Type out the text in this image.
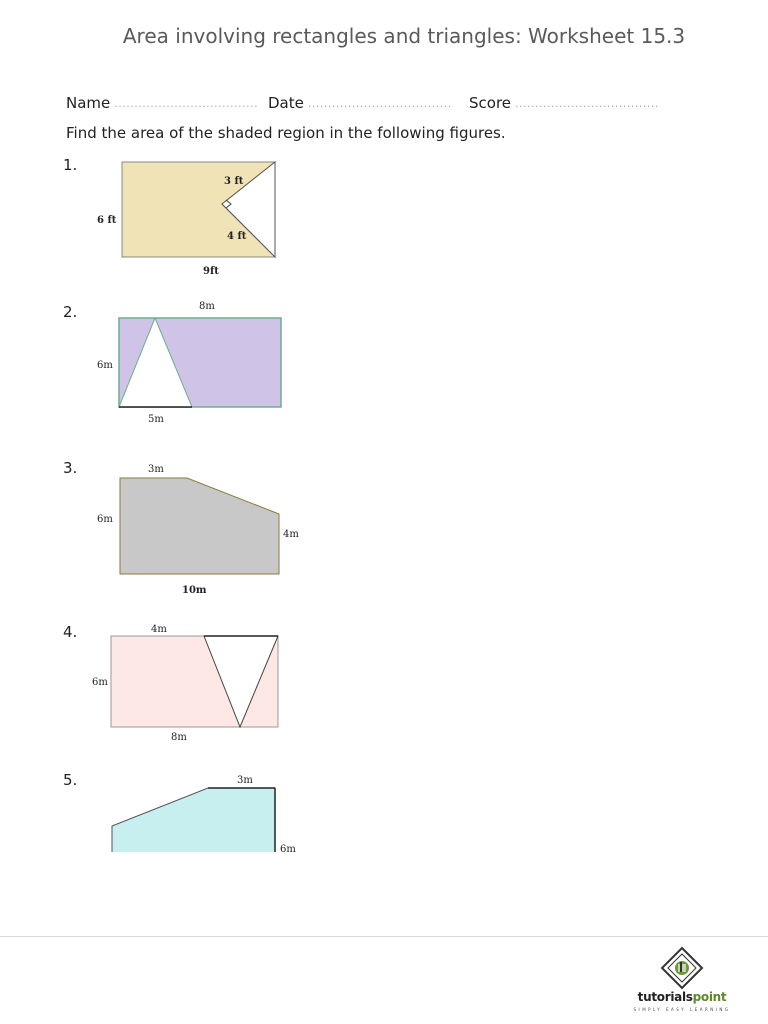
Area involving rectangles and triangles: Worksheet 15.3
Name .................................... Date .................................... Score ....................................
Find the area of the shaded region in the following figures.
1.
2.
3.
4.
5.
3 ft
4 ft
6 ft
9ft
8m
6m
5m
3m
6m
4m
10m
4m
6m
8m
3m
6m
tutorialspoint
SIMPLY EASY LEARNING
